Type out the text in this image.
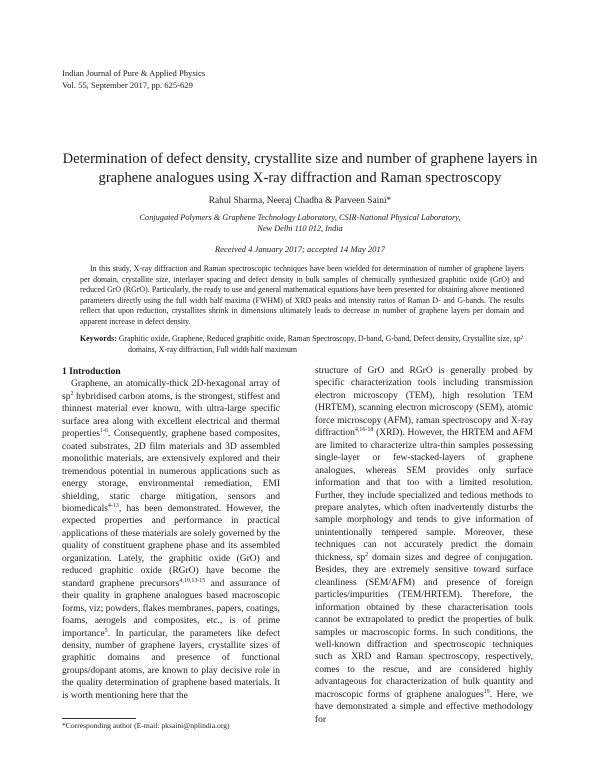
Indian Journal of Pure & Applied Physics
Vol. 55, September 2017, pp. 625-629
Determination of defect density, crystallite size and number of graphene layers in graphene analogues using X-ray diffraction and Raman spectroscopy
Rahul Sharma, Neeraj Chadha & Parveen Saini*
Conjugated Polymers & Graphene Technology Laboratory, CSIR-National Physical Laboratory,
New Delhi 110 012, India
Received 4 January 2017; accepted 14 May 2017

In this study, X-ray diffraction and Raman spectroscopic techniques have been wielded for determination of number of graphene layers per domain, crystallite size, interlayer spacing and defect density in bulk samples of chemically synthesized graphitic oxide (GrO) and reduced GrO (RGrO). Particularly, the ready to use and general mathematical equations have been presented for obtaining above mentioned parameters directly using the full width half maxima (FWHM) of XRD peaks and intensity ratios of Raman D- and G-bands. The results reflect that upon reduction, crystallites shrink in dimensions ultimately leads to decrease in number of graphene layers per domain and apparent increase in defect density.

Keywords: Graphitic oxide, Graphene, Reduced graphitic oxide, Raman Spectroscopy, D-band, G-band, Defect density, Crystallite size, sp² domains, X-ray diffraction, Full width half maximum

1 Introduction
Graphene, an atomically-thick 2D-hexagonal array of $sp^2$ hybridised carbon atoms, is the strongest, stiffest and thinnest material ever known, with ultra-large specific surface area along with excellent electrical and thermal properties$^{1-6}$. Consequently, graphene based composites, coated substrates, 2D film materials and 3D assembled monolithic materials, are extensively explored and their tremendous potential in numerous applications such as energy storage, environmental remediation, EMI shielding, static charge mitigation, sensors and biomedicals$^{4-13}$, has been demonstrated. However, the expected properties and performance in practical applications of these materials are solely governed by the quality of constituent graphene phase and its assembled organization. Lately, the graphitic oxide (GrO) and reduced graphitic oxide (RGrO) have become the standard graphene precursors$^{4,10,13-15}$ and assurance of their quality in graphene analogues based macroscopic forms, viz; powders, flakes membranes, papers, coatings, foams, aerogels and composites, etc., is of prime importance$^5$. In particular, the parameters like defect density, number of graphene layers, crystallite sizes of graphitic domains and presence of functional groups/dopant atoms, are known to play decisive role in the quality determination of graphene based materials. It is worth mentioning here that the
structure of GrO and RGrO is generally probed by specific characterization tools including transmission electron microscopy (TEM), high resolution TEM (HRTEM), scanning electron microscopy (SEM), atomic force microscopy (AFM), raman spectroscopy and X-ray diffraction$^{4,16-18}$ (XRD). However, the HRTEM and AFM are limited to characterize ultra-thin samples possessing single-layer or few-stacked-layers of graphene analogues, whereas SEM provides only surface information and that too with a limited resolution. Further, they include specialized and tedious methods to prepare analytes, which often inadvertently disturbs the sample morphology and tends to give information of unintentionally tempered sample. Moreover, these techniques can not accurately predict the domain thickness, $sp^2$ domain sizes and degree of conjugation. Besides, they are extremely sensitive toward surface cleanliness (SEM/AFM) and presence of foreign particles/impurities (TEM/HRTEM). Therefore, the information obtained by these characterisation tools cannot be extrapolated to predict the properties of bulk samples or macroscopic forms. In such conditions, the well-known diffraction and spectroscopic techniques such as XRD and Raman spectroscopy, respectively, comes to the rescue, and are considered highly advantageous for characterization of bulk quantity and macroscopic forms of graphene analogues$^{19}$. Here, we have demonstrated a simple and effective methodology for
*Corresponding author (E-mail: pksaini@nplindia.org)
